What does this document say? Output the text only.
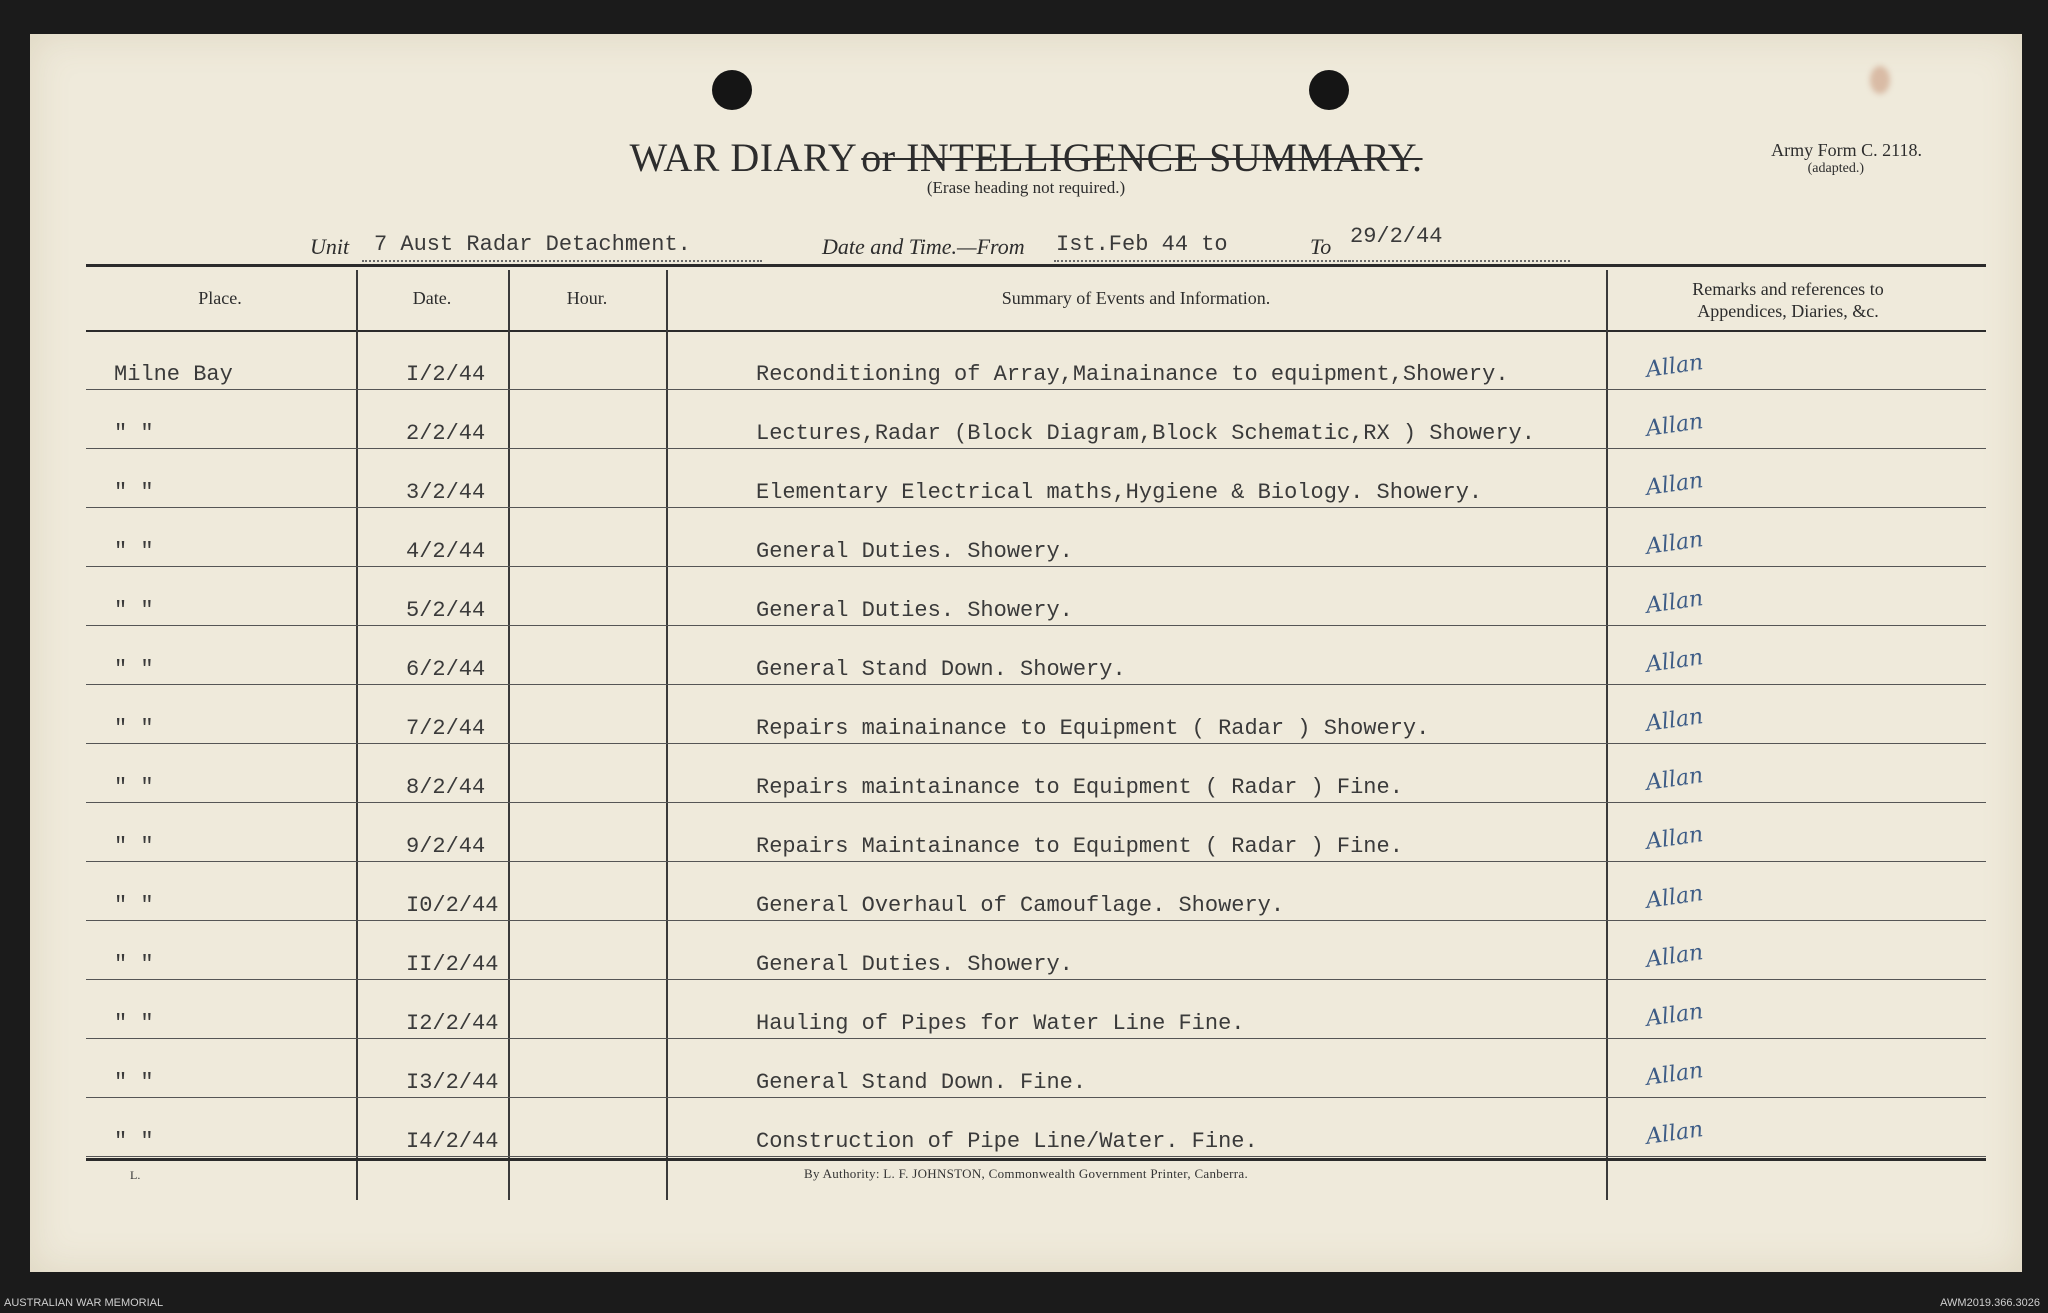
WAR DIARY or INTELLIGENCE SUMMARY.
(Erase heading not required.)
Army Form C. 2118.
(adapted.)
Unit 7 Aust Radar Detachment.	Date and Time.—From Ist.Feb 44 to	To 29/2/44
Place.	Date.	Hour.	Summary of Events and Information.	Remarks and references to
Appendices, Diaries, &c.
Milne Bay	I/2/44	Reconditioning of Array,Mainainance to equipment,Showery.	Allan
" "	2/2/44	Lectures,Radar (Block Diagram,Block Schematic,RX ) Showery.	Allan
" "	3/2/44	Elementary Electrical maths,Hygiene & Biology. Showery.	Allan
" "	4/2/44	General Duties. Showery.	Allan
" "	5/2/44	General Duties. Showery.	Allan
" "	6/2/44	General Stand Down. Showery.	Allan
" "	7/2/44	Repairs mainainance to Equipment ( Radar ) Showery.	Allan
" "	8/2/44	Repairs maintainance to Equipment ( Radar ) Fine.	Allan
" "	9/2/44	Repairs Maintainance to Equipment ( Radar ) Fine.	Allan
" "	I0/2/44	General Overhaul of Camouflage. Showery.	Allan
" "	II/2/44	General Duties. Showery.	Allan
" "	I2/2/44	Hauling of Pipes for Water Line Fine.	Allan
" "	I3/2/44	General Stand Down. Fine.	Allan
" "	I4/2/44	Construction of Pipe Line/Water. Fine.	Allan
L.	By Authority: L. F. JOHNSTON, Commonwealth Government Printer, Canberra.
AUSTRALIAN WAR MEMORIAL	AWM2019.366.3026
